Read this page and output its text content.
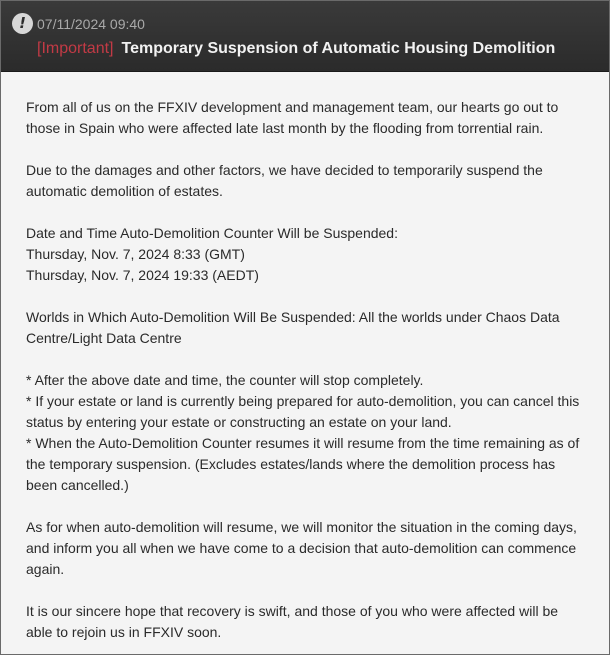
! 07/11/2024 09:40
[Important] Temporary Suspension of Automatic Housing Demolition

From all of us on the FFXIV development and management team, our hearts go out to those in Spain who were affected late last month by the flooding from torrential rain.

Due to the damages and other factors, we have decided to temporarily suspend the automatic demolition of estates.

Date and Time Auto-Demolition Counter Will be Suspended:
Thursday, Nov. 7, 2024 8:33 (GMT)
Thursday, Nov. 7, 2024 19:33 (AEDT)

Worlds in Which Auto-Demolition Will Be Suspended: All the worlds under Chaos Data Centre/Light Data Centre

* After the above date and time, the counter will stop completely.
* If your estate or land is currently being prepared for auto-demolition, you can cancel this status by entering your estate or constructing an estate on your land.
* When the Auto-Demolition Counter resumes it will resume from the time remaining as of the temporary suspension. (Excludes estates/lands where the demolition process has been cancelled.)

As for when auto-demolition will resume, we will monitor the situation in the coming days, and inform you all when we have come to a decision that auto-demolition can commence again.

It is our sincere hope that recovery is swift, and those of you who were affected will be able to rejoin us in FFXIV soon.
